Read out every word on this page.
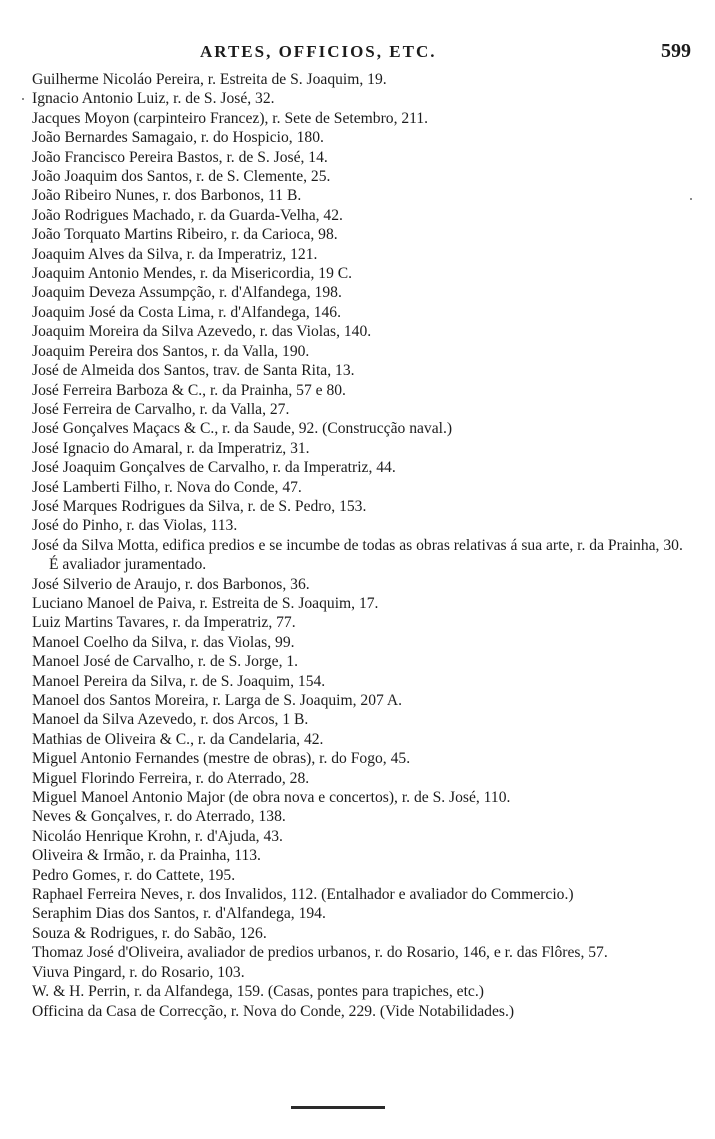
ARTES, OFFICIOS, ETC.	599
Guilherme Nicoláo Pereira, r. Estreita de S. Joaquim, 19.
Ignacio Antonio Luiz, r. de S. José, 32.
Jacques Moyon (carpinteiro Francez), r. Sete de Setembro, 211.
João Bernardes Samagaio, r. do Hospicio, 180.
João Francisco Pereira Bastos, r. de S. José, 14.
João Joaquim dos Santos, r. de S. Clemente, 25.
João Ribeiro Nunes, r. dos Barbonos, 11 B.
João Rodrigues Machado, r. da Guarda-Velha, 42.
João Torquato Martins Ribeiro, r. da Carioca, 98.
Joaquim Alves da Silva, r. da Imperatriz, 121.
Joaquim Antonio Mendes, r. da Misericordia, 19 C.
Joaquim Deveza Assumpção, r. d'Alfandega, 198.
Joaquim José da Costa Lima, r. d'Alfandega, 146.
Joaquim Moreira da Silva Azevedo, r. das Violas, 140.
Joaquim Pereira dos Santos, r. da Valla, 190.
José de Almeida dos Santos, trav. de Santa Rita, 13.
José Ferreira Barboza & C., r. da Prainha, 57 e 80.
José Ferreira de Carvalho, r. da Valla, 27.
José Gonçalves Maçacs & C., r. da Saude, 92. (Construcção naval.)
José Ignacio do Amaral, r. da Imperatriz, 31.
José Joaquim Gonçalves de Carvalho, r. da Imperatriz, 44.
José Lamberti Filho, r. Nova do Conde, 47.
José Marques Rodrigues da Silva, r. de S. Pedro, 153.
José do Pinho, r. das Violas, 113.
José da Silva Motta, edifica predios e se incumbe de todas as obras relativas á sua arte, r. da Prainha, 30. É avaliador juramentado.
José Silverio de Araujo, r. dos Barbonos, 36.
Luciano Manoel de Paiva, r. Estreita de S. Joaquim, 17.
Luiz Martins Tavares, r. da Imperatriz, 77.
Manoel Coelho da Silva, r. das Violas, 99.
Manoel José de Carvalho, r. de S. Jorge, 1.
Manoel Pereira da Silva, r. de S. Joaquim, 154.
Manoel dos Santos Moreira, r. Larga de S. Joaquim, 207 A.
Manoel da Silva Azevedo, r. dos Arcos, 1 B.
Mathias de Oliveira & C., r. da Candelaria, 42.
Miguel Antonio Fernandes (mestre de obras), r. do Fogo, 45.
Miguel Florindo Ferreira, r. do Aterrado, 28.
Miguel Manoel Antonio Major (de obra nova e concertos), r. de S. José, 110.
Neves & Gonçalves, r. do Aterrado, 138.
Nicoláo Henrique Krohn, r. d'Ajuda, 43.
Oliveira & Irmão, r. da Prainha, 113.
Pedro Gomes, r. do Cattete, 195.
Raphael Ferreira Neves, r. dos Invalidos, 112. (Entalhador e avaliador do Commercio.)
Seraphim Dias dos Santos, r. d'Alfandega, 194.
Souza & Rodrigues, r. do Sabão, 126.
Thomaz José d'Oliveira, avaliador de predios urbanos, r. do Rosario, 146, e r. das Flôres, 57.
Viuva Pingard, r. do Rosario, 103.
W. & H. Perrin, r. da Alfandega, 159. (Casas, pontes para trapiches, etc.)
Officina da Casa de Correcção, r. Nova do Conde, 229. (Vide Notabilidades.)
